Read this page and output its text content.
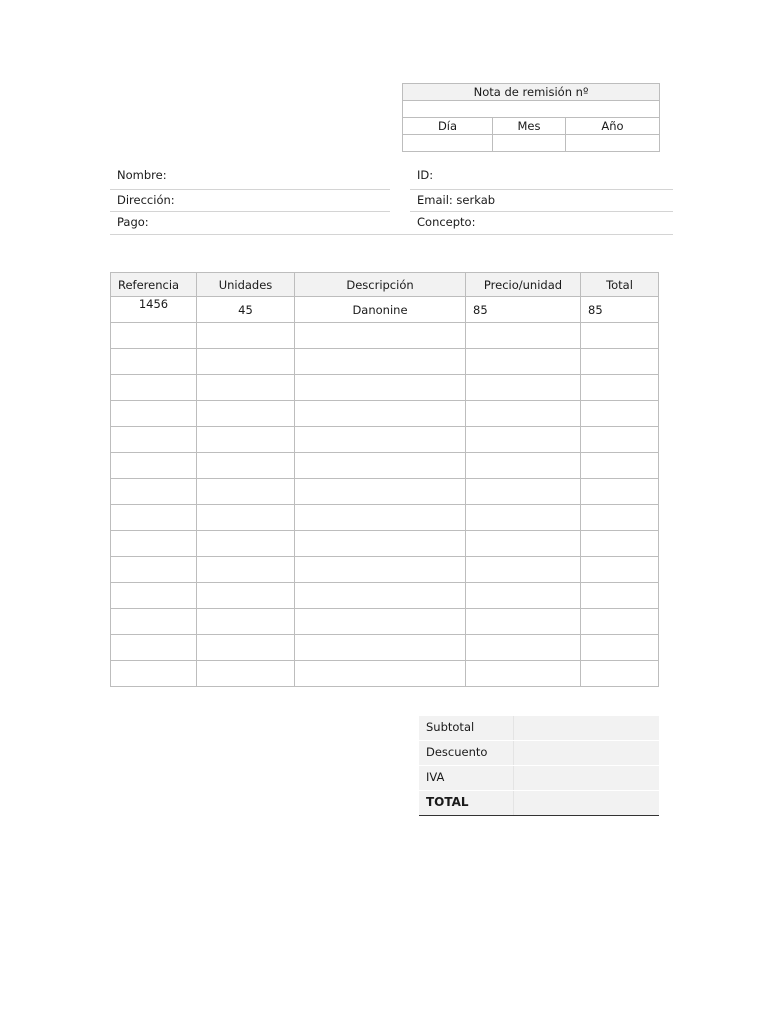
Nota de remisión nº		

Día	Mes	Año

Nombre:	ID:
Dirección:	Email: serkab
Pago:	Concepto:
Referencia	Unidades	Descripción	Precio/unidad	Total
1456	45	Danonine	85	85

Subtotal
Descuento
IVA
TOTAL
